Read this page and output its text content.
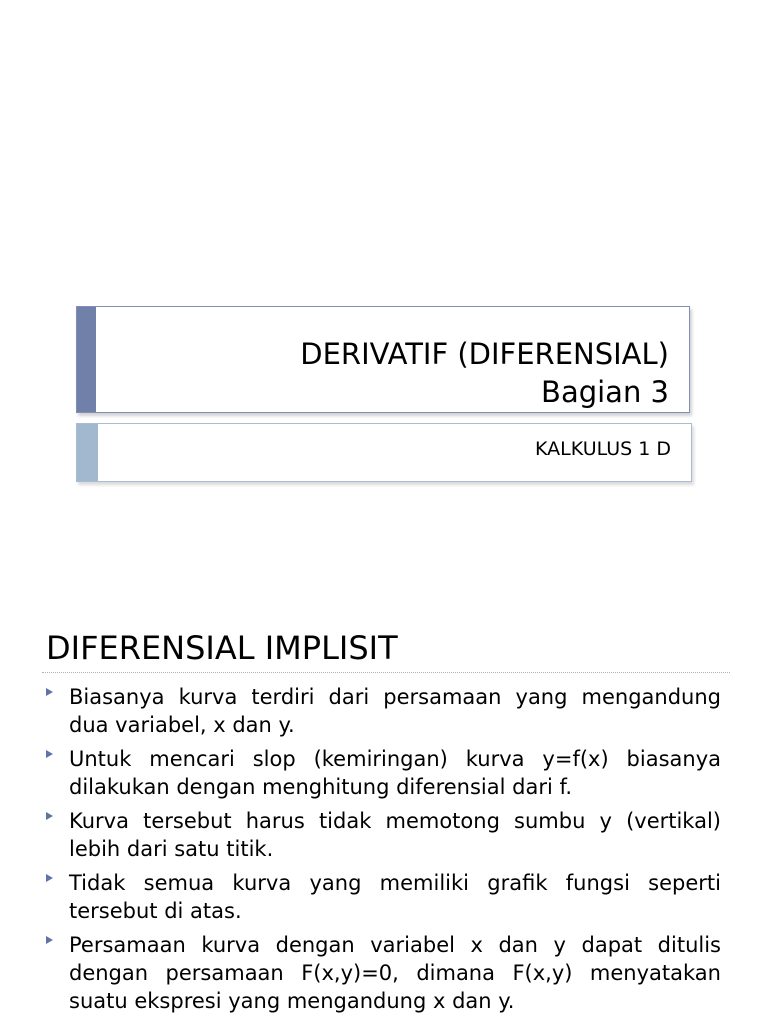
DERIVATIF (DIFERENSIAL)
Bagian 3
KALKULUS 1 D
DIFERENSIAL IMPLISIT
Biasanya kurva terdiri dari persamaan yang mengandung dua variabel, x dan y.
Untuk mencari slop (kemiringan) kurva y=f(x) biasanya dilakukan dengan menghitung diferensial dari f.
Kurva tersebut harus tidak memotong sumbu y (vertikal) lebih dari satu titik.
Tidak semua kurva yang memiliki grafik fungsi seperti tersebut di atas.
Persamaan kurva dengan variabel x dan y dapat ditulis dengan persamaan F(x,y)=0, dimana F(x,y) menyatakan suatu ekspresi yang mengandung x dan y.
